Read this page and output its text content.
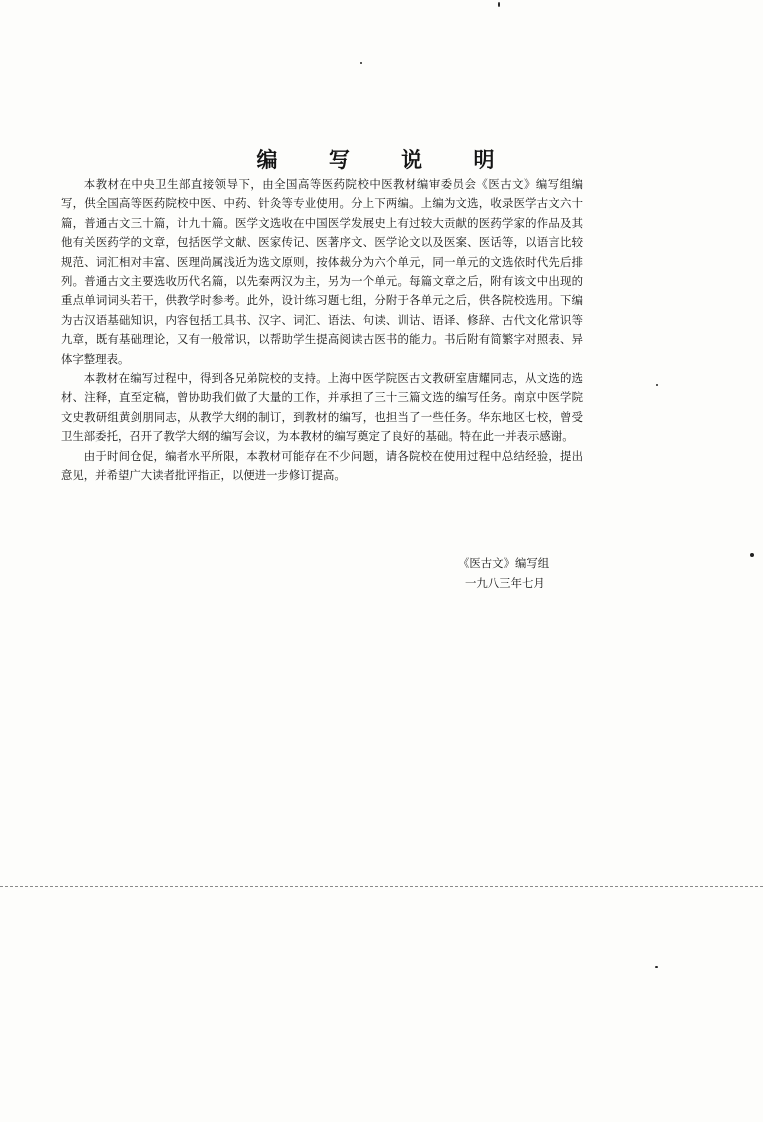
编 写 说 明

本教材在中央卫生部直接领导下，由全国高等医药院校中医教材编审委员会《医古文》编写组编写，供全国高等医药院校中医、中药、针灸等专业使用。分上下两编。上编为文选，收录医学古文六十篇，普通古文三十篇，计九十篇。医学文选收在中国医学发展史上有过较大贡献的医药学家的作品及其他有关医药学的文章，包括医学文献、医家传记、医著序文、医学论文以及医案、医话等，以语言比较规范、词汇相对丰富、医理尚属浅近为选文原则，按体裁分为六个单元，同一单元的文选依时代先后排列。普通古文主要选收历代名篇，以先秦两汉为主，另为一个单元。每篇文章之后，附有该文中出现的重点单词词头若干，供教学时参考。此外，设计练习题七组，分附于各单元之后，供各院校选用。下编为古汉语基础知识，内容包括工具书、汉字、词汇、语法、句读、训诂、语译、修辞、古代文化常识等九章，既有基础理论，又有一般常识，以帮助学生提高阅读古医书的能力。书后附有简繁字对照表、异体字整理表。

本教材在编写过程中，得到各兄弟院校的支持。上海中医学院医古文教研室唐耀同志，从文选的选材、注释，直至定稿，曾协助我们做了大量的工作，并承担了三十三篇文选的编写任务。南京中医学院文史教研组黄剑朋同志，从教学大纲的制订，到教材的编写，也担当了一些任务。华东地区七校，曾受卫生部委托，召开了教学大纲的编写会议，为本教材的编写奠定了良好的基础。特在此一并表示感谢。

由于时间仓促，编者水平所限，本教材可能存在不少问题，请各院校在使用过程中总结经验，提出意见，并希望广大读者批评指正，以便进一步修订提高。

《医古文》编写组
一九八三年七月
